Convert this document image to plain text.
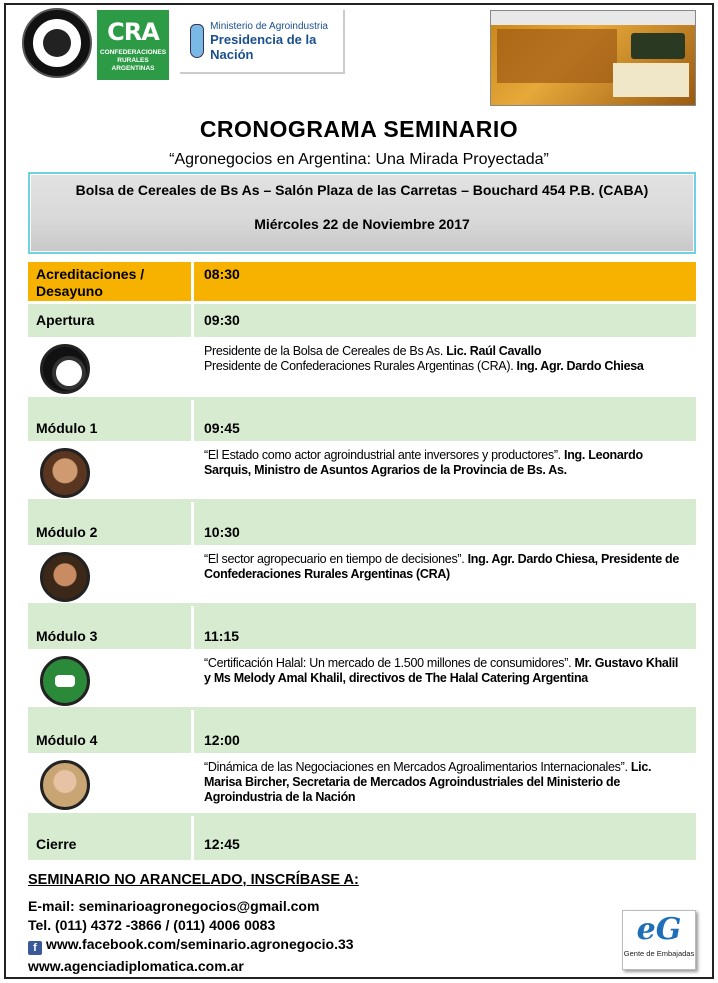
CRA
CONFEDERACIONES RURALES ARGENTINAS
Ministerio de Agroindustria
Presidencia de la Nación
CRONOGRAMA SEMINARIO
“Agronegocios en Argentina: Una Mirada Proyectada”
Bolsa de Cereales de Bs As – Salón Plaza de las Carretas – Bouchard 454 P.B. (CABA)
Miércoles 22 de Noviembre 2017
Acreditaciones / Desayuno
08:30
Apertura	09:30
Presidente de la Bolsa de Cereales de Bs As. Lic. Raúl Cavallo
Presidente de Confederaciones Rurales Argentinas (CRA). Ing. Agr. Dardo Chiesa
Módulo 1	09:45
“El Estado como actor agroindustrial ante inversores y productores”. Ing. Leonardo Sarquis, Ministro de Asuntos Agrarios de la Provincia de Bs. As.
Módulo 2	10:30
“El sector agropecuario en tiempo de decisiones”. Ing. Agr. Dardo Chiesa, Presidente de Confederaciones Rurales Argentinas (CRA)
Módulo 3	11:15
“Certificación Halal: Un mercado de 1.500 millones de consumidores”. Mr. Gustavo Khalil y Ms Melody Amal Khalil, directivos de The Halal Catering Argentina
Módulo 4	12:00
“Dinámica de las Negociaciones en Mercados Agroalimentarios Internacionales”. Lic. Marisa Bircher, Secretaria de Mercados Agroindustriales del Ministerio de Agroindustria de la Nación
Cierre	12:45
SEMINARIO NO ARANCELADO, INSCRÍBASE A:
E-mail: seminarioagronegocios@gmail.com
Tel. (011) 4372 -3866 / (011) 4006 0083
f www.facebook.com/seminario.agronegocio.33
www.agenciadiplomatica.com.ar
eG
Gente de Embajadas
